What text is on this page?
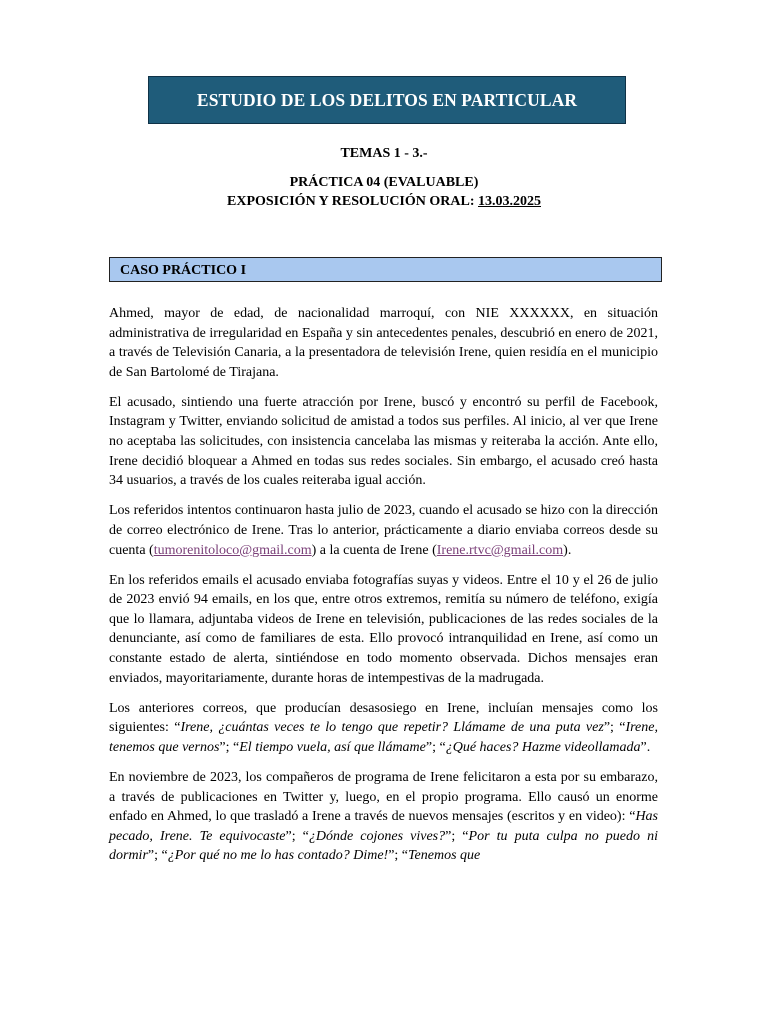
ESTUDIO DE LOS DELITOS EN PARTICULAR
TEMAS 1 - 3.-
PRÁCTICA 04 (EVALUABLE)
EXPOSICIÓN Y RESOLUCIÓN ORAL: 13.03.2025
CASO PRÁCTICO I

Ahmed, mayor de edad, de nacionalidad marroquí, con NIE XXXXXX, en situación administrativa de irregularidad en España y sin antecedentes penales, descubrió en enero de 2021, a través de Televisión Canaria, a la presentadora de televisión Irene, quien residía en el municipio de San Bartolomé de Tirajana.

El acusado, sintiendo una fuerte atracción por Irene, buscó y encontró su perfil de Facebook, Instagram y Twitter, enviando solicitud de amistad a todos sus perfiles. Al inicio, al ver que Irene no aceptaba las solicitudes, con insistencia cancelaba las mismas y reiteraba la acción. Ante ello, Irene decidió bloquear a Ahmed en todas sus redes sociales. Sin embargo, el acusado creó hasta 34 usuarios, a través de los cuales reiteraba igual acción.

Los referidos intentos continuaron hasta julio de 2023, cuando el acusado se hizo con la dirección de correo electrónico de Irene. Tras lo anterior, prácticamente a diario enviaba correos desde su cuenta (tumorenitoloco@gmail.com) a la cuenta de Irene (Irene.rtvc@gmail.com).

En los referidos emails el acusado enviaba fotografías suyas y videos. Entre el 10 y el 26 de julio de 2023 envió 94 emails, en los que, entre otros extremos, remitía su número de teléfono, exigía que lo llamara, adjuntaba videos de Irene en televisión, publicaciones de las redes sociales de la denunciante, así como de familiares de esta. Ello provocó intranquilidad en Irene, así como un constante estado de alerta, sintiéndose en todo momento observada. Dichos mensajes eran enviados, mayoritariamente, durante horas de intempestivas de la madrugada.

Los anteriores correos, que producían desasosiego en Irene, incluían mensajes como los siguientes: “Irene, ¿cuántas veces te lo tengo que repetir? Llámame de una puta vez”; “Irene, tenemos que vernos”; “El tiempo vuela, así que llámame”; “¿Qué haces? Hazme videollamada”.

En noviembre de 2023, los compañeros de programa de Irene felicitaron a esta por su embarazo, a través de publicaciones en Twitter y, luego, en el propio programa. Ello causó un enorme enfado en Ahmed, lo que trasladó a Irene a través de nuevos mensajes (escritos y en video): “Has pecado, Irene. Te equivocaste”; “¿Dónde cojones vives?”; “Por tu puta culpa no puedo ni dormir”; “¿Por qué no me lo has contado? Dime!”; “Tenemos que
